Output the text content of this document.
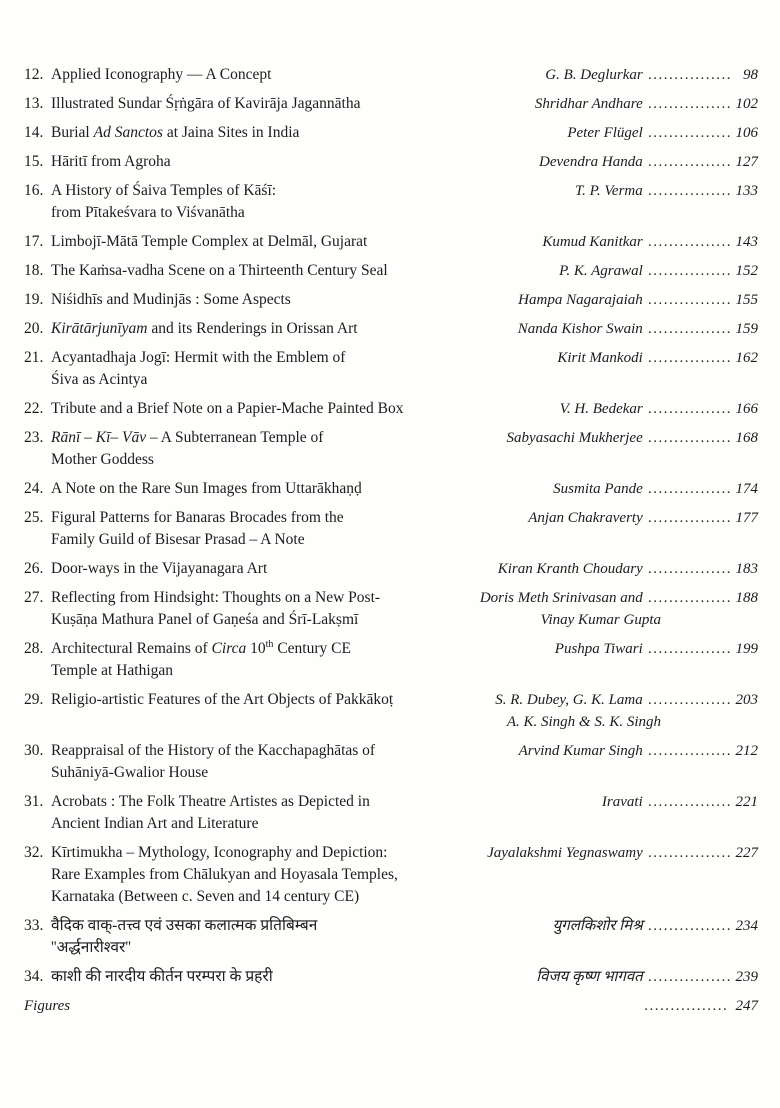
12. Applied Iconography — A Concept	G. B. Deglurkar ................ 98
13. Illustrated Sundar Śṛṅgāra of Kavirāja Jagannātha	Shridhar Andhare ................ 102
14. Burial Ad Sanctos at Jaina Sites in India	Peter Flügel ................ 106
15. Hāritī from Agroha	Devendra Handa ................ 127
16. A History of Śaiva Temples of Kāśī:
from Pītakeśvara to Viśvanātha
T. P. Verma ................ 133
17. Limbojī-Mātā Temple Complex at Delmāl, Gujarat	Kumud Kanitkar ................ 143
18. The Kaṁsa-vadha Scene on a Thirteenth Century Seal	P. K. Agrawal ................ 152
19. Niśidhīs and Mudinjās : Some Aspects	Hampa Nagarajaiah ................ 155
20. Kirātārjunīyam and its Renderings in Orissan Art	Nanda Kishor Swain ................ 159
21. Acyantadhaja Jogī: Hermit with the Emblem of
Śiva as Acintya
Kirit Mankodi ................ 162
22. Tribute and a Brief Note on a Papier-Mache Painted Box	V. H. Bedekar ................ 166
23. Rānī – Kī– Vāv – A Subterranean Temple of
Mother Goddess
Sabyasachi Mukherjee ................ 168
24. A Note on the Rare Sun Images from Uttarākhaṇḍ	Susmita Pande ................ 174
25. Figural Patterns for Banaras Brocades from the
Family Guild of Bisesar Prasad – A Note
Anjan Chakraverty ................ 177
26. Door-ways in the Vijayanagara Art	Kiran Kranth Choudary ................ 183
27. Reflecting from Hindsight: Thoughts on a New Post-
Kuṣāṇa Mathura Panel of Gaṇeśa and Śrī-Lakṣmī
Doris Meth Srinivasan and ................ 188
Vinay Kumar Gupta
28. Architectural Remains of Circa 10th Century CE
Temple at Hathigan
Pushpa Tiwari ................ 199
29. Religio-artistic Features of the Art Objects of Pakkākoṭ	S. R. Dubey, G. K. Lama ................ 203
A. K. Singh & S. K. Singh
30. Reappraisal of the History of the Kacchapaghātas of
Suhāniyā-Gwalior House
Arvind Kumar Singh ................ 212
31. Acrobats : The Folk Theatre Artistes as Depicted in
Ancient Indian Art and Literature
Iravati ................ 221
32. Kīrtimukha – Mythology, Iconography and Depiction:
Rare Examples from Chālukyan and Hoyasala Temples,
Karnataka (Between c. Seven and 14 century CE)
Jayalakshmi Yegnaswamy ................ 227
33. वैदिक वाक्-तत्त्व एवं उसका कलात्मक प्रतिबिम्बन
''अर्द्धनारीश्वर''
युगलकिशोर मिश्र ................ 234
34. काशी की नारदीय कीर्तन परम्परा के प्रहरी	विजय कृष्ण भागवत ................ 239
Figures	................ 247
